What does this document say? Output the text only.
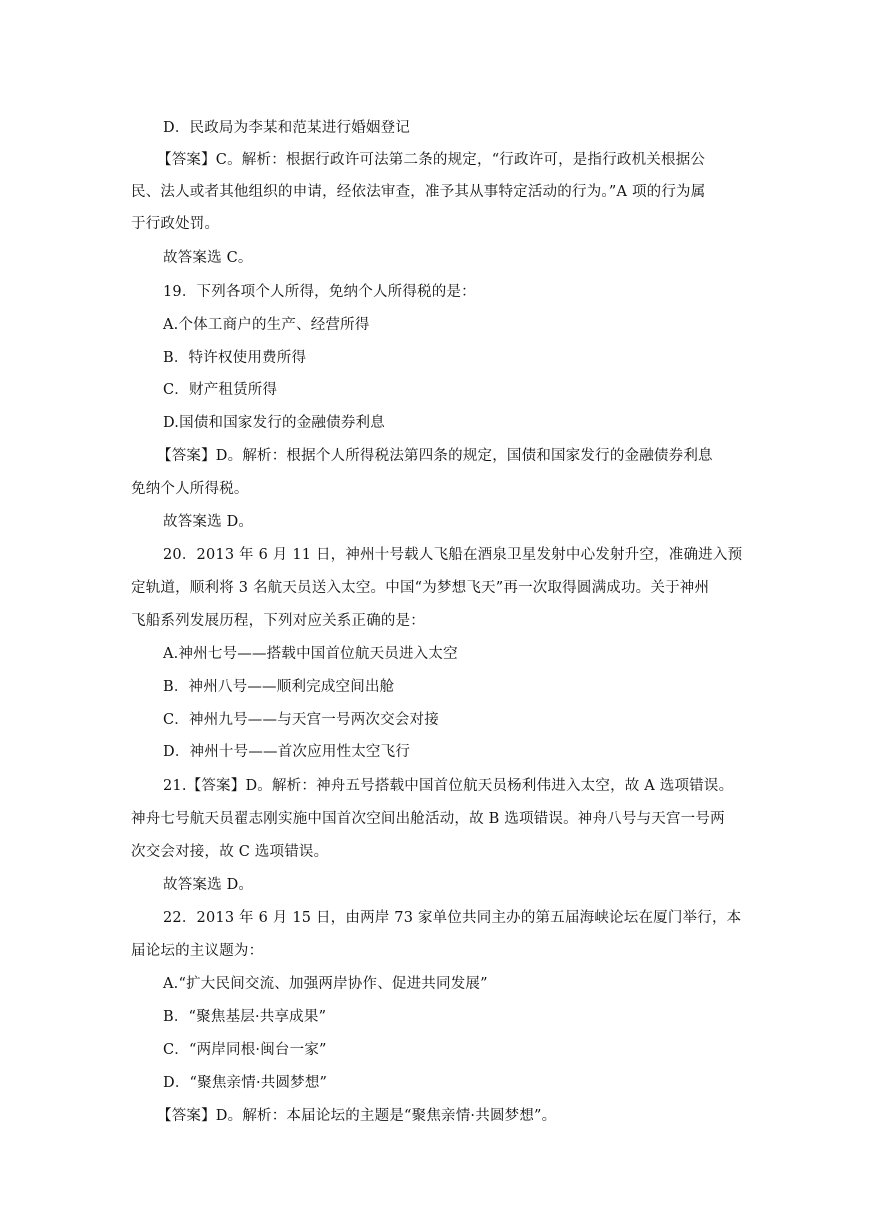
D．民政局为李某和范某进行婚姻登记
【答案】C。解析：根据行政许可法第二条的规定，“行政许可，是指行政机关根据公
民、法人或者其他组织的申请，经依法审查，准予其从事特定活动的行为。”A 项的行为属
于行政处罚。
故答案选 C。
19．下列各项个人所得，免纳个人所得税的是：
A.个体工商户的生产、经营所得
B．特许权使用费所得
C．财产租赁所得
D.国债和国家发行的金融债券利息
【答案】D。解析：根据个人所得税法第四条的规定，国债和国家发行的金融债券利息
免纳个人所得税。
故答案选 D。
20．2013 年 6 月 11 日，神州十号载人飞船在酒泉卫星发射中心发射升空，准确进入预
定轨道，顺利将 3 名航天员送入太空。中国“为梦想飞天”再一次取得圆满成功。关于神州
飞船系列发展历程，下列对应关系正确的是：
A.神州七号——搭载中国首位航天员进入太空
B．神州八号——顺利完成空间出舱
C．神州九号——与天宫一号两次交会对接
D．神州十号——首次应用性太空飞行
21.【答案】D。解析：神舟五号搭载中国首位航天员杨利伟进入太空，故 A 选项错误。
神舟七号航天员翟志刚实施中国首次空间出舱活动，故 B 选项错误。神舟八号与天宫一号两
次交会对接，故 C 选项错误。
故答案选 D。
22．2013 年 6 月 15 日，由两岸 73 家单位共同主办的第五届海峡论坛在厦门举行，本
届论坛的主议题为：
A.“扩大民间交流、加强两岸协作、促进共同发展”
B．“聚焦基层·共享成果”
C．“两岸同根·闽台一家”
D．“聚焦亲情·共圆梦想”
【答案】D。解析：本届论坛的主题是“聚焦亲情·共圆梦想”。
